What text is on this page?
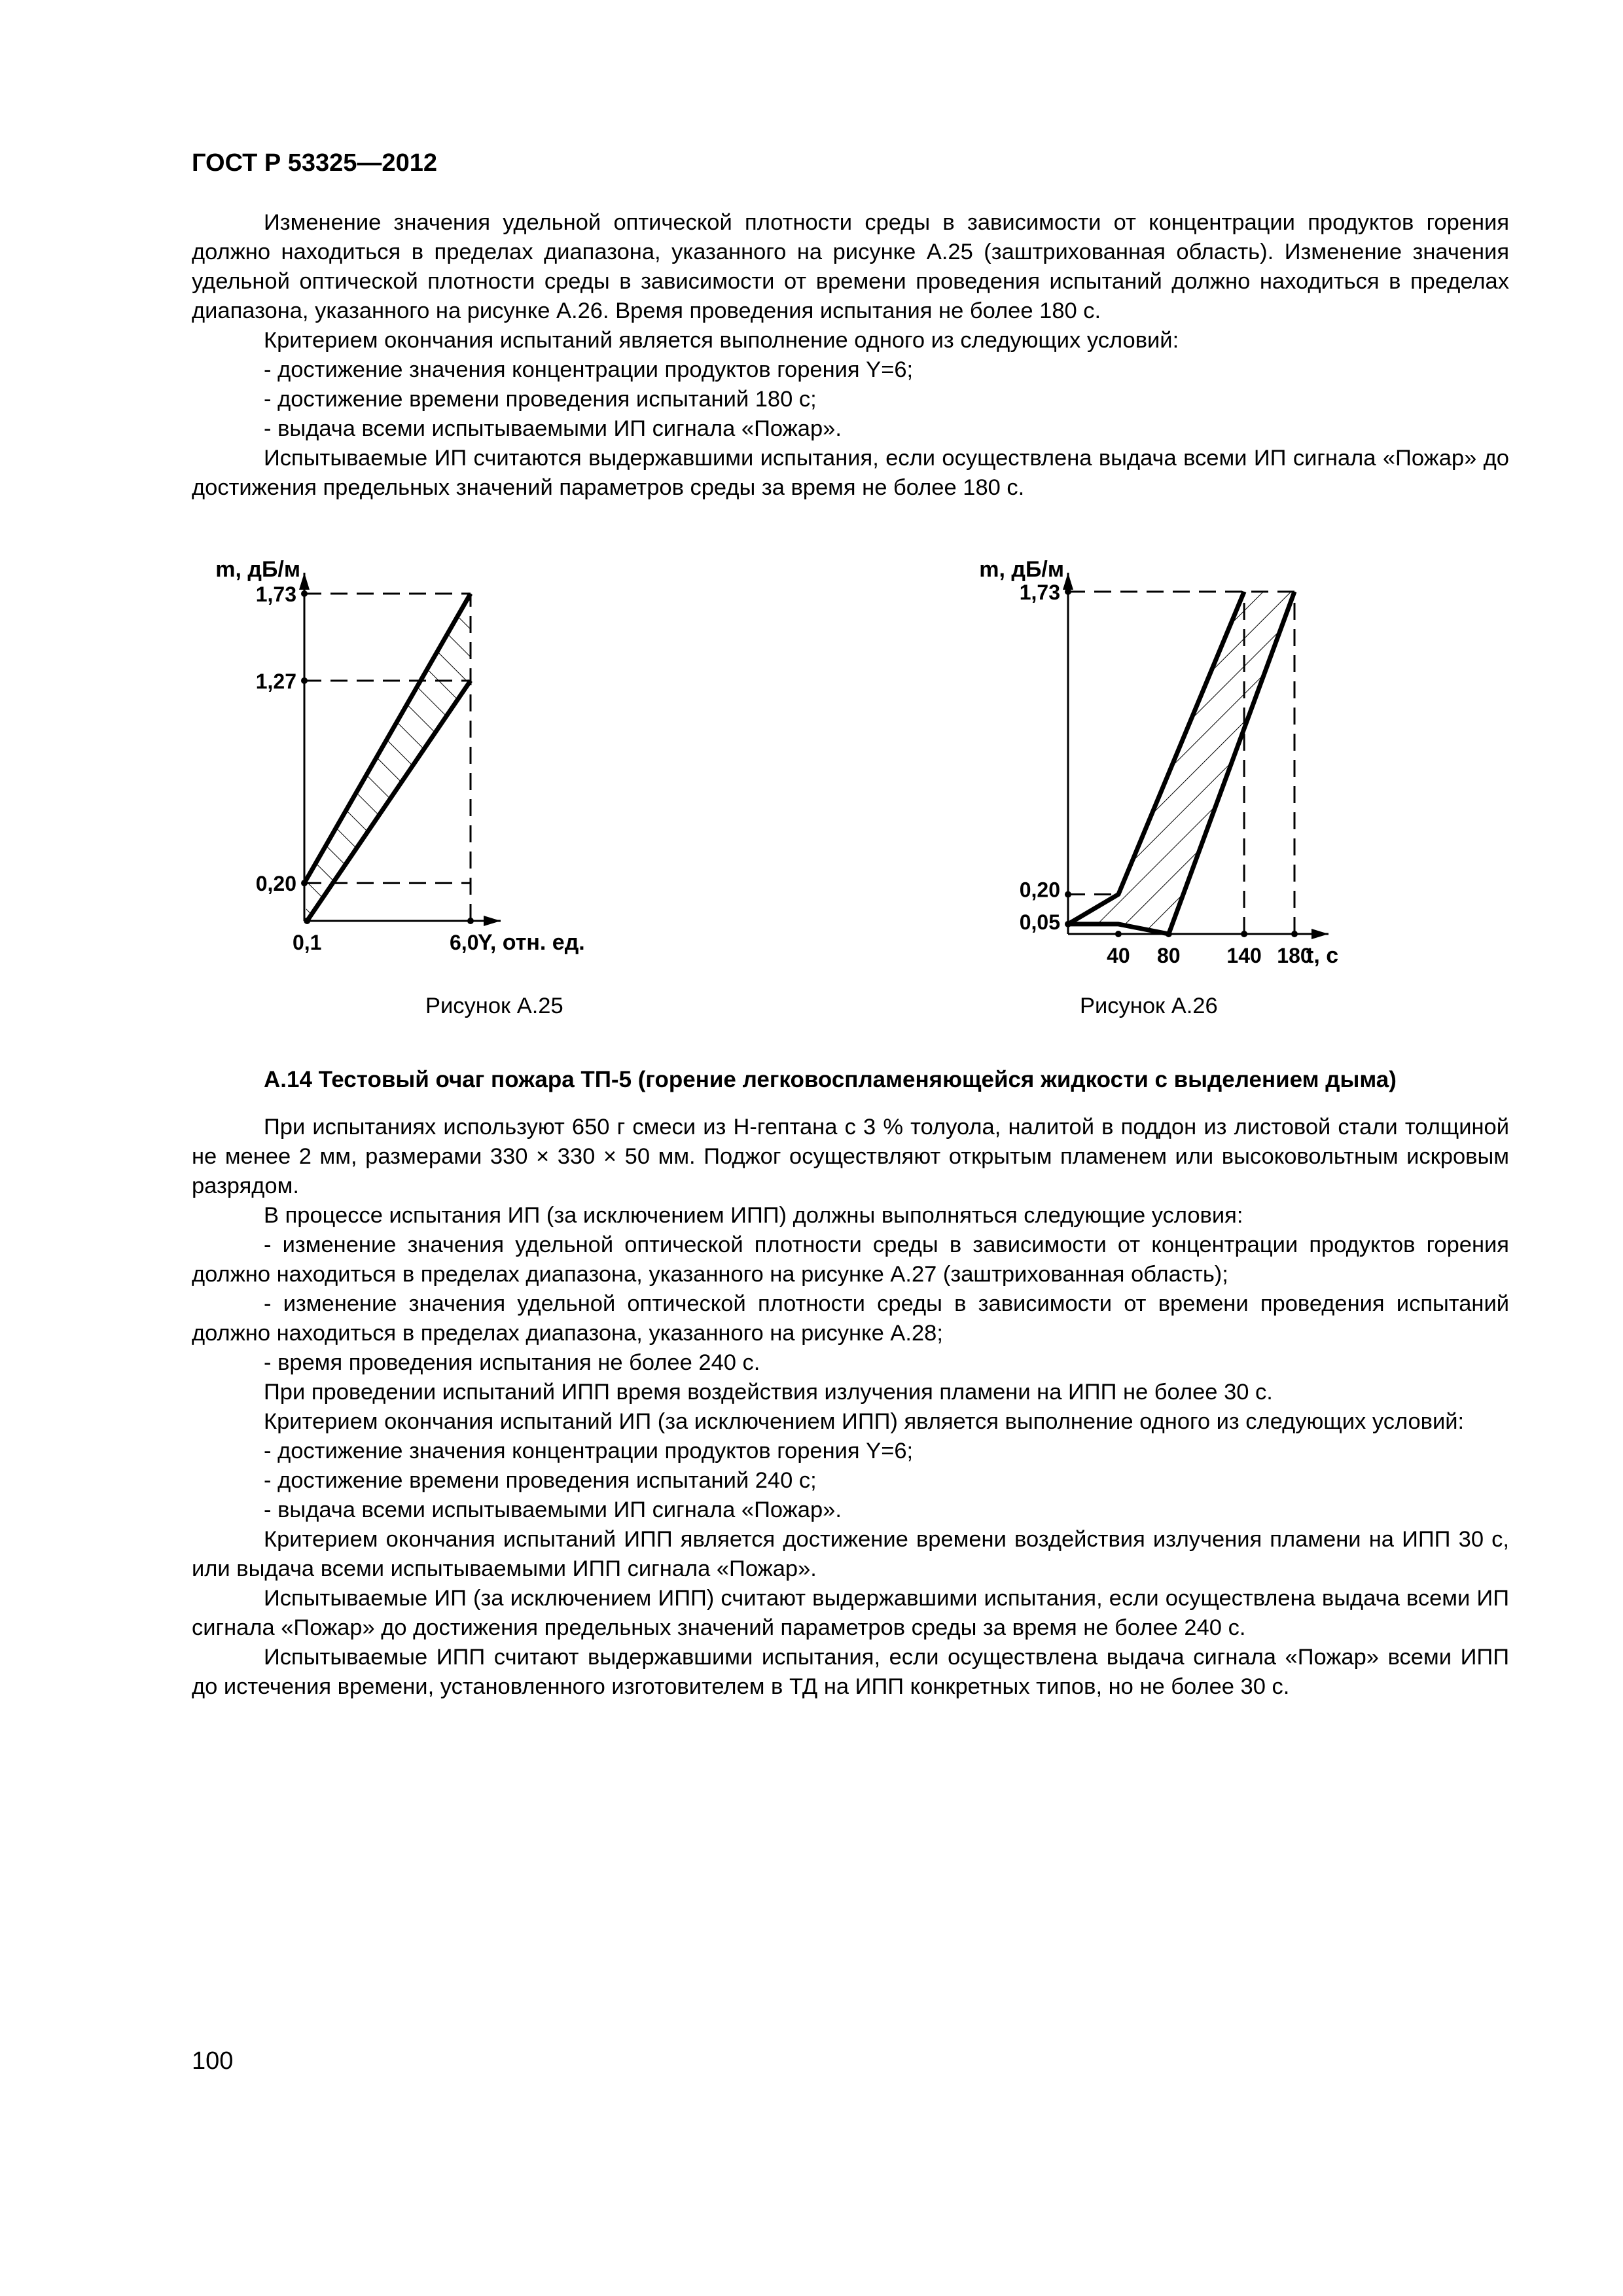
ГОСТ Р 53325—2012

Изменение значения удельной оптической плотности среды в зависимости от концентрации продуктов горения должно находиться в пределах диапазона, указанного на рисунке А.25 (заштрихованная область). Изменение значения удельной оптической плотности среды в зависимости от времени проведения испытаний должно находиться в пределах диапазона, указанного на рисунке А.26. Время проведения испытания не более 180 с.

Критерием окончания испытаний является выполнение одного из следующих условий:

- достижение значения концентрации продуктов горения Y=6;

- достижение времени проведения испытаний 180 с;

- выдача всеми испытываемыми ИП сигнала «Пожар».

Испытываемые ИП считаются выдержавшими испытания, если осуществлена выдача всеми ИП сигнала «Пожар» до достижения предельных значений параметров среды за время не более 180 с.

0,20
1,27
1,73
0,1	6,0
m, дБ/м
Y, отн. ед.
Рисунок А.25
0,05
0,20
1,73
40 80 140 180
m, дБ/м
t, с
Рисунок А.26
А.14 Тестовый очаг пожара ТП-5 (горение легковоспламеняющейся жидкости с выделением дыма)

При испытаниях используют 650 г смеси из Н-гептана с 3 % толуола, налитой в поддон из листовой стали толщиной не менее 2 мм, размерами 330 × 330 × 50 мм. Поджог осуществляют открытым пламенем или высоковольтным искровым разрядом.

В процессе испытания ИП (за исключением ИПП) должны выполняться следующие условия:

- изменение значения удельной оптической плотности среды в зависимости от концентрации продуктов горения должно находиться в пределах диапазона, указанного на рисунке А.27 (заштрихованная область);

- изменение значения удельной оптической плотности среды в зависимости от времени проведения испытаний должно находиться в пределах диапазона, указанного на рисунке А.28;

- время проведения испытания не более 240 с.

При проведении испытаний ИПП время воздействия излучения пламени на ИПП не более 30 с.

Критерием окончания испытаний ИП (за исключением ИПП) является выполнение одного из следующих условий:

- достижение значения концентрации продуктов горения Y=6;

- достижение времени проведения испытаний 240 с;

- выдача всеми испытываемыми ИП сигнала «Пожар».

Критерием окончания испытаний ИПП является достижение времени воздействия излучения пламени на ИПП 30 с, или выдача всеми испытываемыми ИПП сигнала «Пожар».

Испытываемые ИП (за исключением ИПП) считают выдержавшими испытания, если осуществлена выдача всеми ИП сигнала «Пожар» до достижения предельных значений параметров среды за время не более 240 с.

Испытываемые ИПП считают выдержавшими испытания, если осуществлена выдача сигнала «Пожар» всеми ИПП до истечения времени, установленного изготовителем в ТД на ИПП конкретных типов, но не более 30 с.

100
